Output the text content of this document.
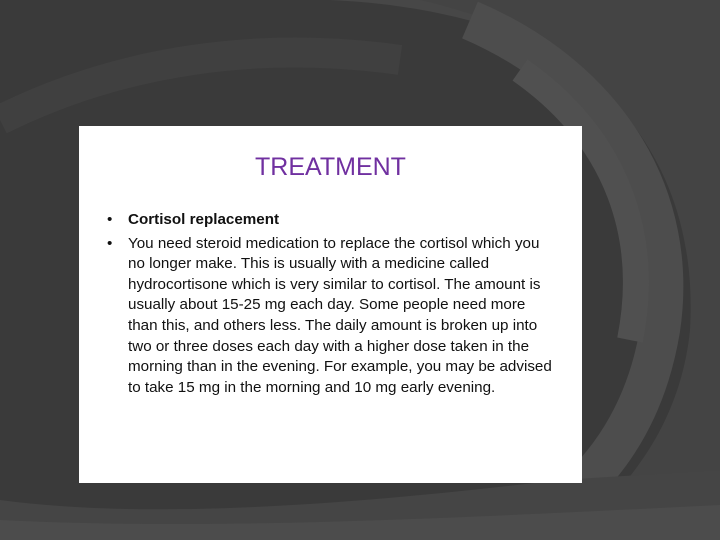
TREATMENT
• Cortisol replacement
• You need steroid medication to replace the cortisol which you no longer make. This is usually with a medicine called hydrocortisone which is very similar to cortisol. The amount is usually about 15-25 mg each day. Some people need more than this, and others less. The daily amount is broken up into two or three doses each day with a higher dose taken in the morning than in the evening. For example, you may be advised to take 15 mg in the morning and 10 mg early evening.
